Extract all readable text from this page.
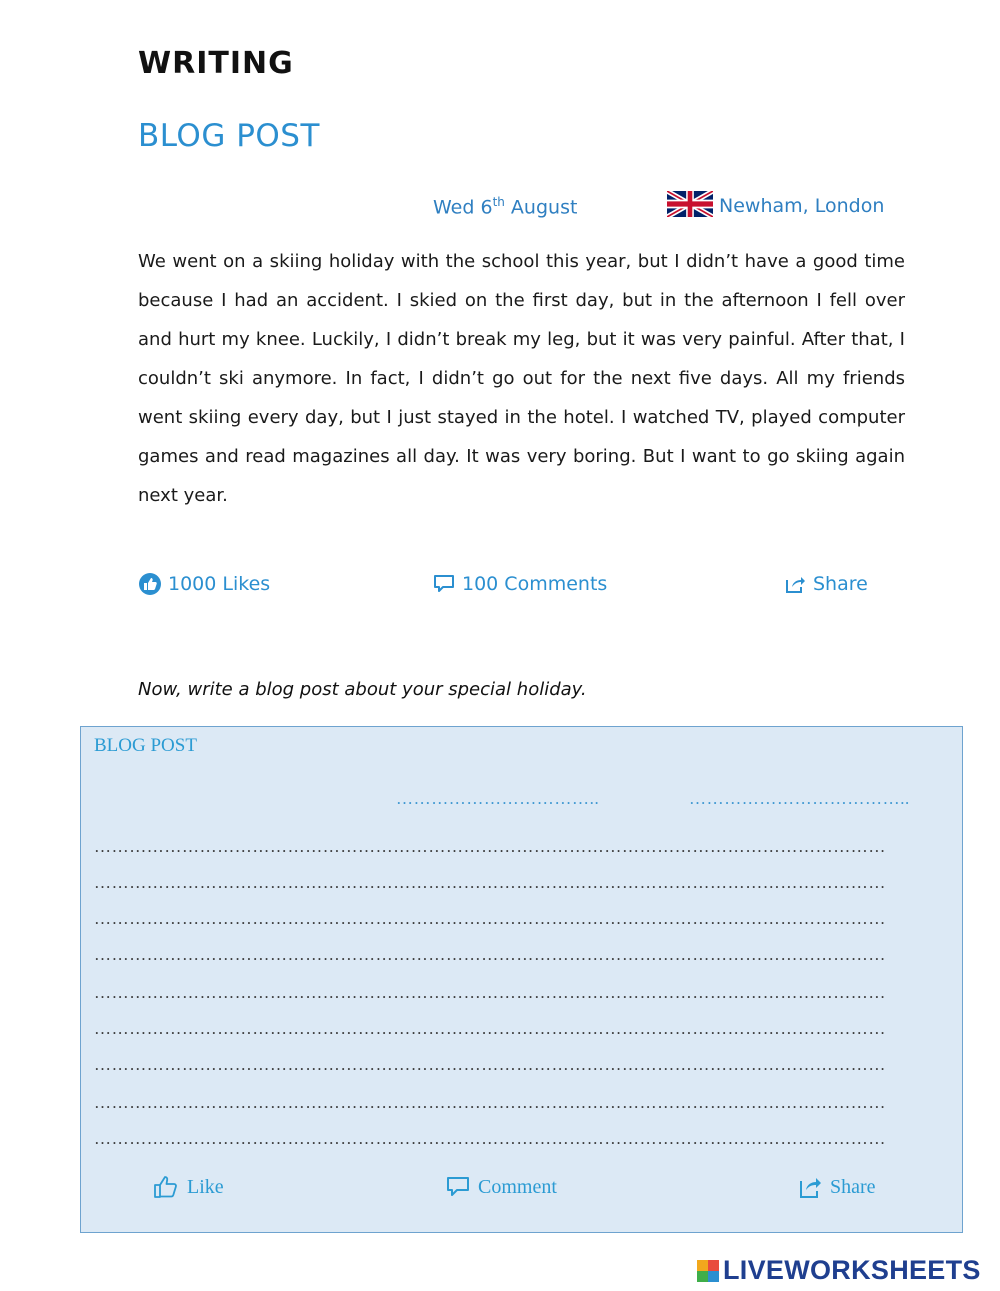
WRITING
BLOG POST
Wed 6th August	Newham, London

We went on a skiing holiday with the school this year, but I didn’t have a good time because I had an accident. I skied on the first day, but in the afternoon I fell over and hurt my knee. Luckily, I didn’t break my leg, but it was very painful. After that, I couldn’t ski anymore. In fact, I didn’t go out for the next five days. All my friends went skiing every day, but I just stayed in the hotel. I watched TV, played computer games and read magazines all day. It was very boring. But I want to go skiing again next year.

1000 Likes	100 Comments	Share
Now, write a blog post about your special holiday.
BLOG POST
……………………………..	………………………………..
………………………………………………………………………………………………………………………
………………………………………………………………………………………………………………………
………………………………………………………………………………………………………………………
………………………………………………………………………………………………………………………
………………………………………………………………………………………………………………………
………………………………………………………………………………………………………………………
………………………………………………………………………………………………………………………
………………………………………………………………………………………………………………………
………………………………………………………………………………………………………………………
Like	Comment	Share
LIVEWORKSHEETS
